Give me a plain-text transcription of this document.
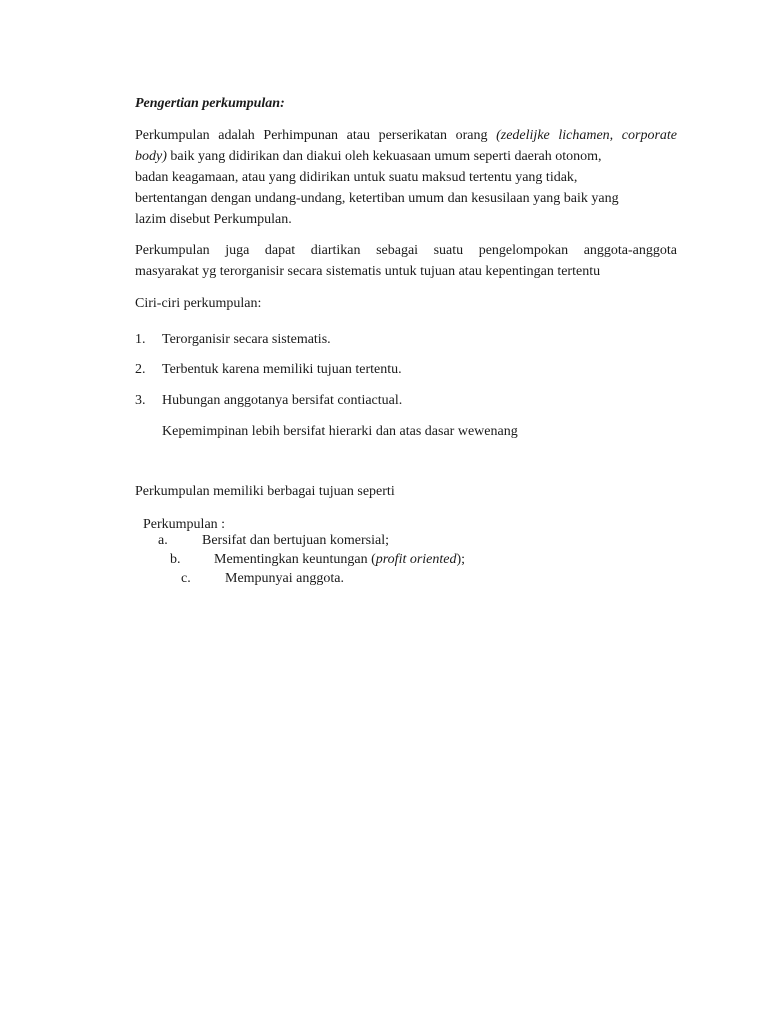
Pengertian perkumpulan:
Perkumpulan adalah Perhimpunan atau perserikatan orang (zedelijke lichamen, corporate
body) baik yang didirikan dan diakui oleh kekuasaan umum seperti daerah otonom,
badan keagamaan, atau yang didirikan untuk suatu maksud tertentu yang tidak,
bertentangan dengan undang-undang, ketertiban umum dan kesusilaan yang baik yang
lazim disebut Perkumpulan.
Perkumpulan juga dapat diartikan sebagai suatu pengelompokan anggota-anggota
masyarakat yg terorganisir secara sistematis untuk tujuan atau kepentingan tertentu
Ciri-ciri perkumpulan:
1. Terorganisir secara sistematis.
2. Terbentuk karena memiliki tujuan tertentu.
3. Hubungan anggotanya bersifat contiactual.
Kepemimpinan lebih bersifat hierarki dan atas dasar wewenang
Perkumpulan memiliki berbagai tujuan seperti
Perkumpulan :
a. Bersifat dan bertujuan komersial;
b. Mementingkan keuntungan (profit oriented);
c. Mempunyai anggota.
